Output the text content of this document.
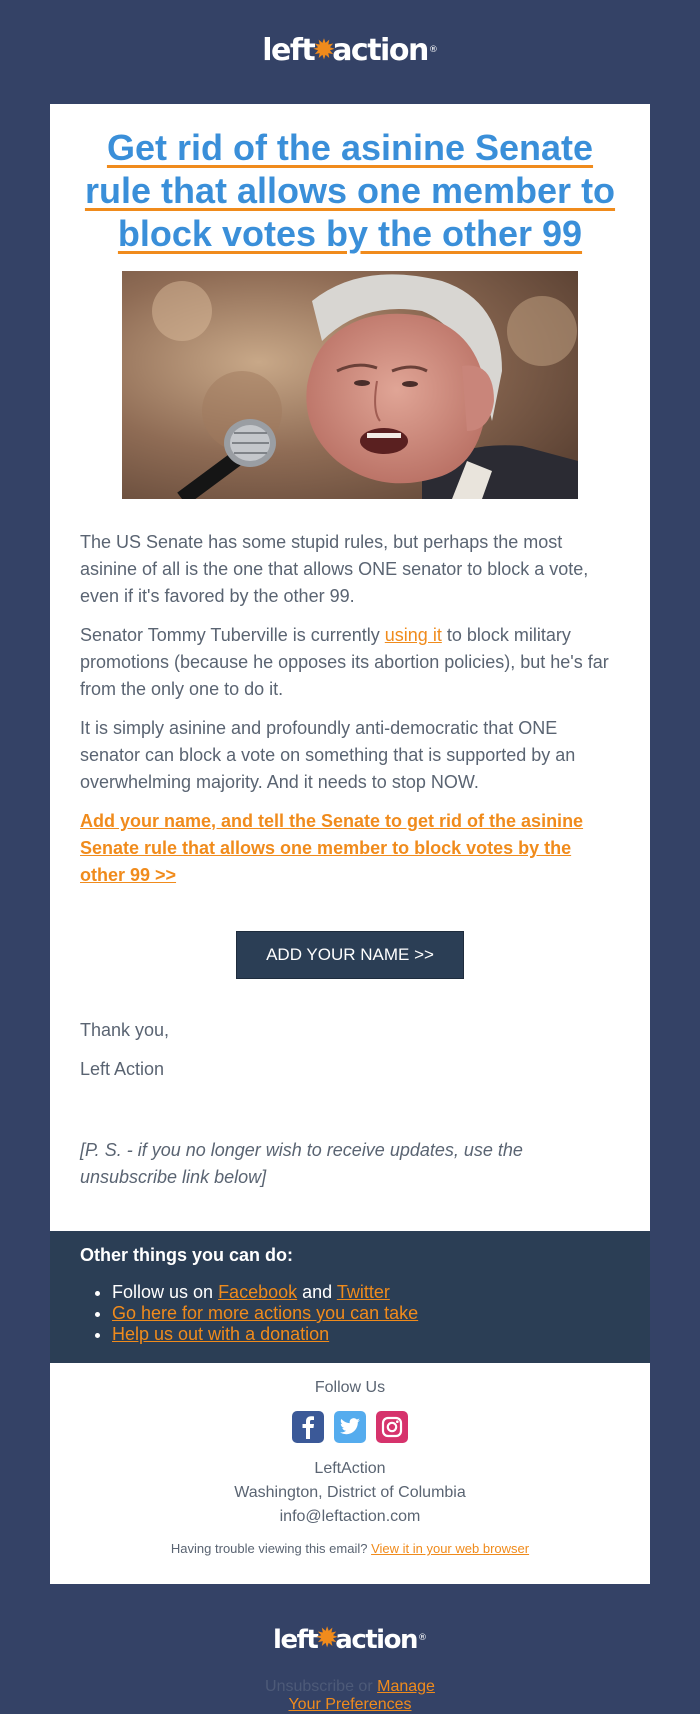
left✹action®
Get rid of the asinine Senate rule that allows one member to block votes by the other 99

The US Senate has some stupid rules, but perhaps the most asinine of all is the one that allows ONE senator to block a vote, even if it's favored by the other 99.

Senator Tommy Tuberville is currently using it to block military promotions (because he opposes its abortion policies), but he's far from the only one to do it.

It is simply asinine and profoundly anti-democratic that ONE senator can block a vote on something that is supported by an overwhelming majority. And it needs to stop NOW.

Add your name, and tell the Senate to get rid of the asinine Senate rule that allows one member to block votes by the other 99 >>

ADD YOUR NAME >>

Thank you,

Left Action

[P. S. - if you no longer wish to receive updates, use the unsubscribe link below]
Other things you can do:
• Follow us on Facebook and Twitter
• Go here for more actions you can take
• Help us out with a donation
Follow Us
LeftAction
Washington, District of Columbia
info@leftaction.com
Having trouble viewing this email? View it in your web browser
left✹action®
Unsubscribe or Manage
Your Preferences
